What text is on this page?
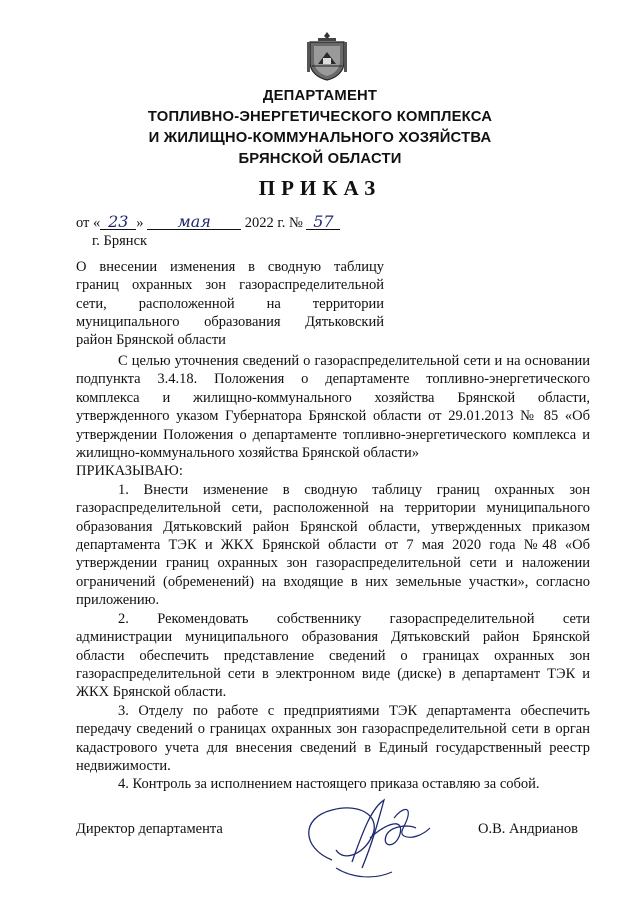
ДЕПАРТАМЕНТ
ТОПЛИВНО-ЭНЕРГЕТИЧЕСКОГО КОМПЛЕКСА
И ЖИЛИЩНО-КОММУНАЛЬНОГО ХОЗЯЙСТВА
БРЯНСКОЙ ОБЛАСТИ
ПРИКАЗ
от « 23 » мая 2022 г. № 57
г. Брянск
О внесении изменения в сводную таблицу
границ охранных зон газораспределительной
сети, расположенной на территории
муниципального образования Дятьковский
район Брянской области

С целью уточнения сведений о газораспределительной сети и на основании подпункта 3.4.18. Положения о департаменте топливно-энергетического комплекса и жилищно-коммунального хозяйства Брянской области, утвержденного указом Губернатора Брянской области от 29.01.2013 № 85 «Об утверждении Положения о департаменте топливно-энергетического комплекса и жилищно-коммунального хозяйства Брянской области»

ПРИКАЗЫВАЮ:

1. Внести изменение в сводную таблицу границ охранных зон газораспределительной сети, расположенной на территории муниципального образования Дятьковский район Брянской области, утвержденных приказом департамента ТЭК и ЖКХ Брянской области от 7 мая 2020 года №48 «Об утверждении границ охранных зон газораспределительной сети и наложении ограничений (обременений) на входящие в них земельные участки», согласно приложению.

2. Рекомендовать собственнику газораспределительной сети администрации муниципального образования Дятьковский район Брянской области обеспечить представление сведений о границах охранных зон газораспределительной сети в электронном виде (диске) в департамент ТЭК и ЖКХ Брянской области.

3. Отделу по работе с предприятиями ТЭК департамента обеспечить передачу сведений о границах охранных зон газораспределительной сети в орган кадастрового учета для внесения сведений в Единый государственный реестр недвижимости.

4. Контроль за исполнением настоящего приказа оставляю за собой.

Директор департамента	О.В. Андрианов
